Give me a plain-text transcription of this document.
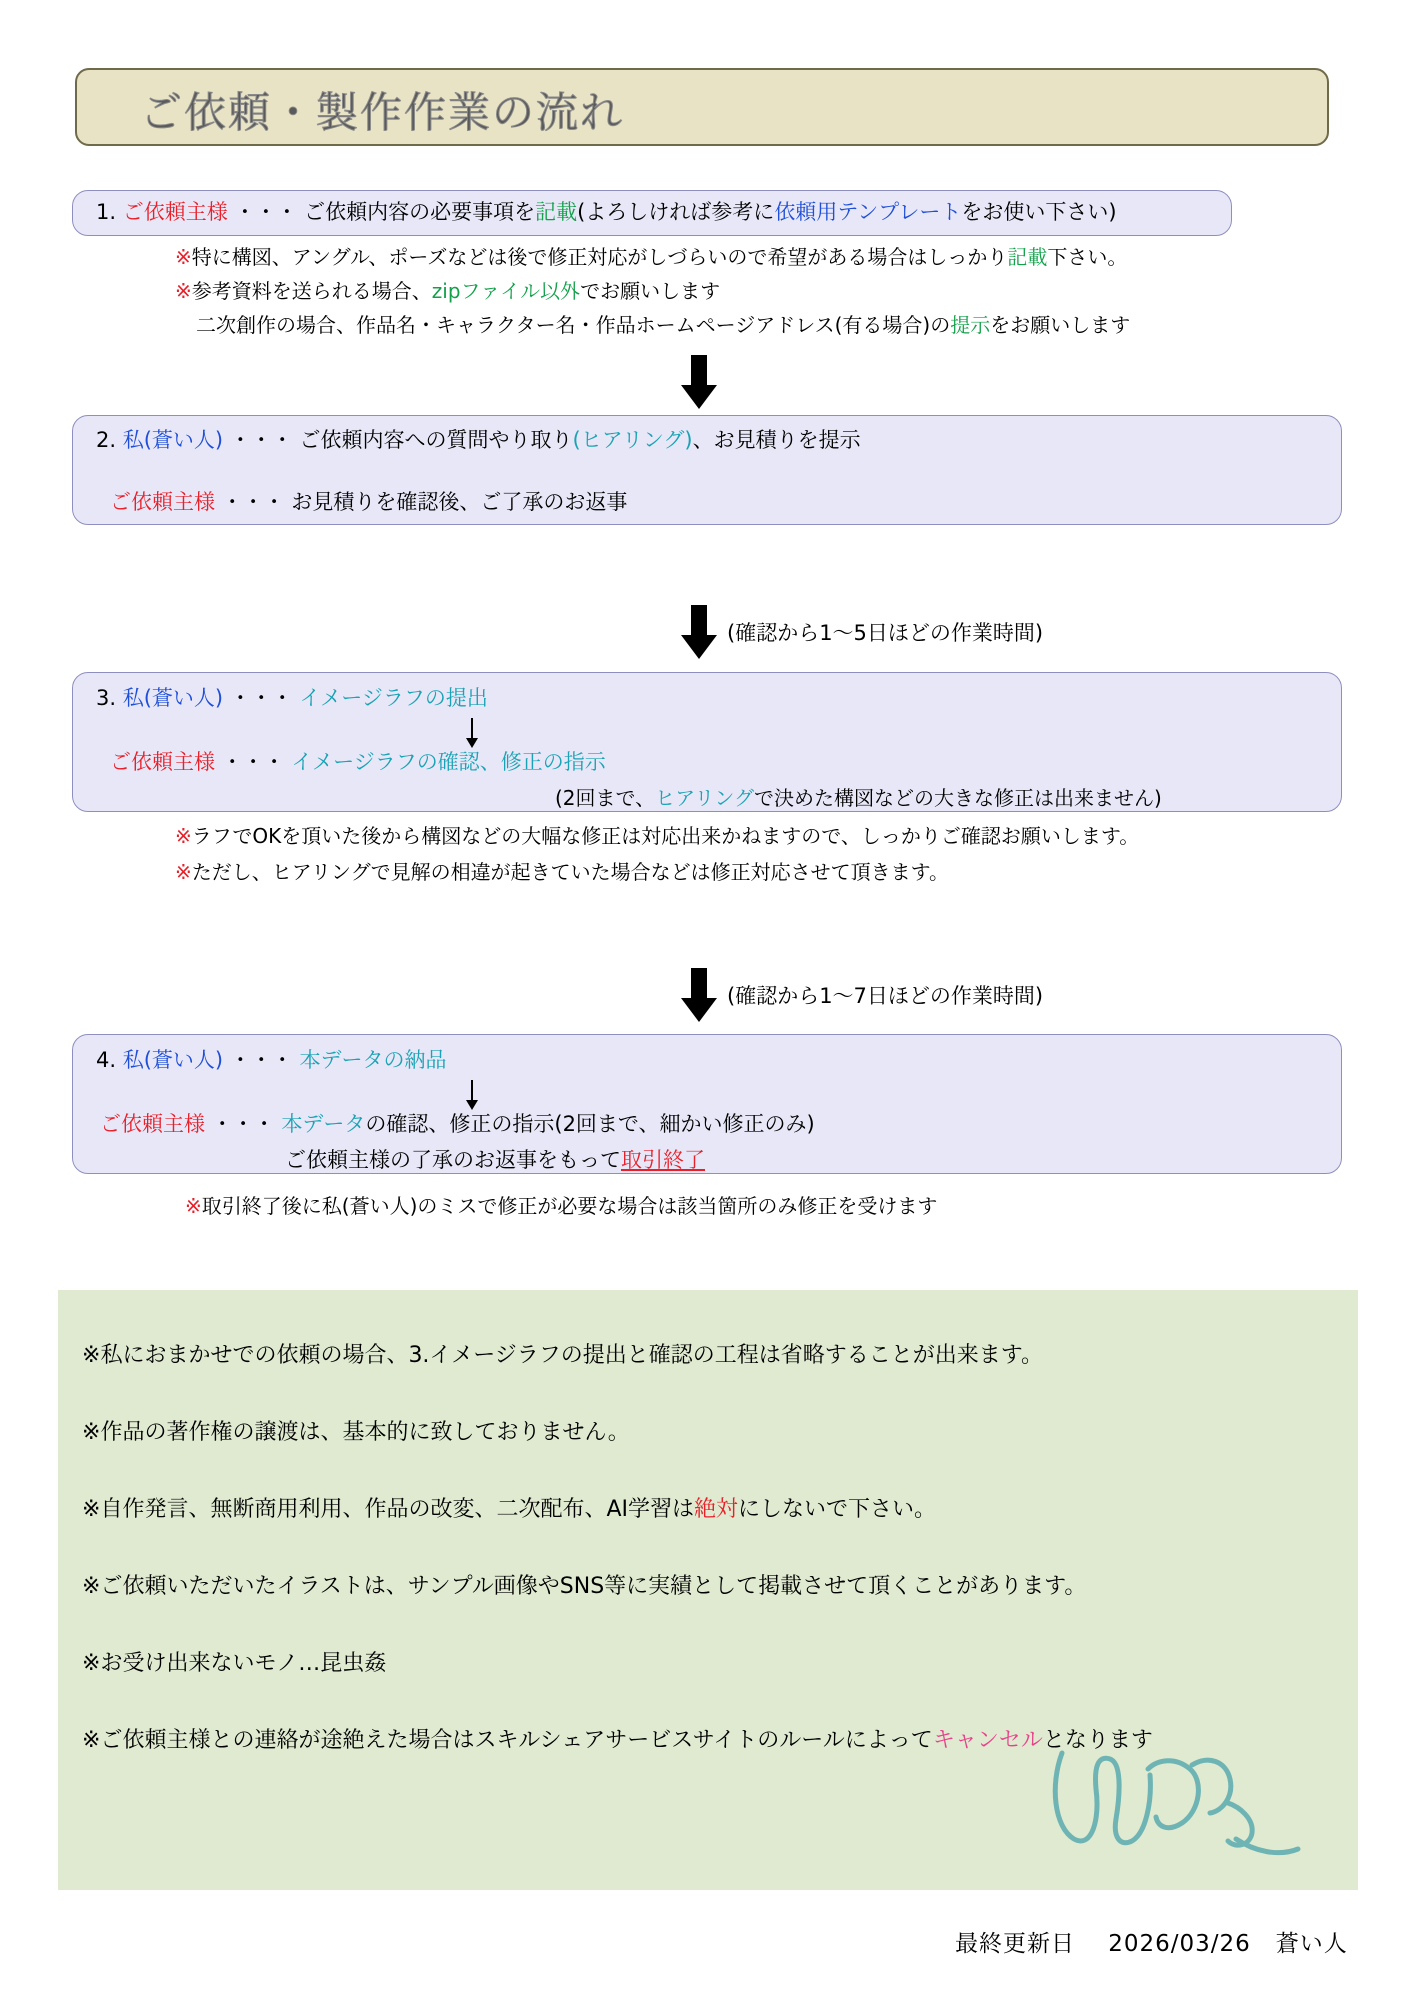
ご依頼・製作作業の流れ
1. ご依頼主様 ・・・ ご依頼内容の必要事項を記載(よろしければ参考に依頼用テンプレートをお使い下さい)
※特に構図、アングル、ポーズなどは後で修正対応がしづらいので希望がある場合はしっかり記載下さい。
※参考資料を送られる場合、zipファイル以外でお願いします
二次創作の場合、作品名・キャラクター名・作品ホームページアドレス(有る場合)の提示をお願いします
2. 私(蒼い人) ・・・ ご依頼内容への質問やり取り(ヒアリング)、お見積りを提示
ご依頼主様 ・・・ お見積りを確認後、ご了承のお返事
(確認から1～5日ほどの作業時間)
3. 私(蒼い人) ・・・ イメージラフの提出
ご依頼主様 ・・・ イメージラフの確認、修正の指示
(2回まで、ヒアリングで決めた構図などの大きな修正は出来ません)
※ラフでOKを頂いた後から構図などの大幅な修正は対応出来かねますので、しっかりご確認お願いします。
※ただし、ヒアリングで見解の相違が起きていた場合などは修正対応させて頂きます。
(確認から1～7日ほどの作業時間)
4. 私(蒼い人) ・・・ 本データの納品
ご依頼主様 ・・・ 本データの確認、修正の指示(2回まで、細かい修正のみ)
ご依頼主様の了承のお返事をもって取引終了
※取引終了後に私(蒼い人)のミスで修正が必要な場合は該当箇所のみ修正を受けます
※私におまかせでの依頼の場合、3.イメージラフの提出と確認の工程は省略することが出来ます。
※作品の著作権の譲渡は、基本的に致しておりません。
※自作発言、無断商用利用、作品の改変、二次配布、AI学習は絶対にしないで下さい。
※ご依頼いただいたイラストは、サンプル画像やSNS等に実績として掲載させて頂くことがあります。
※お受け出来ないモノ…昆虫姦
※ご依頼主様との連絡が途絶えた場合はスキルシェアサービスサイトのルールによってキャンセルとなります
最終更新日 2026/03/26 蒼い人
